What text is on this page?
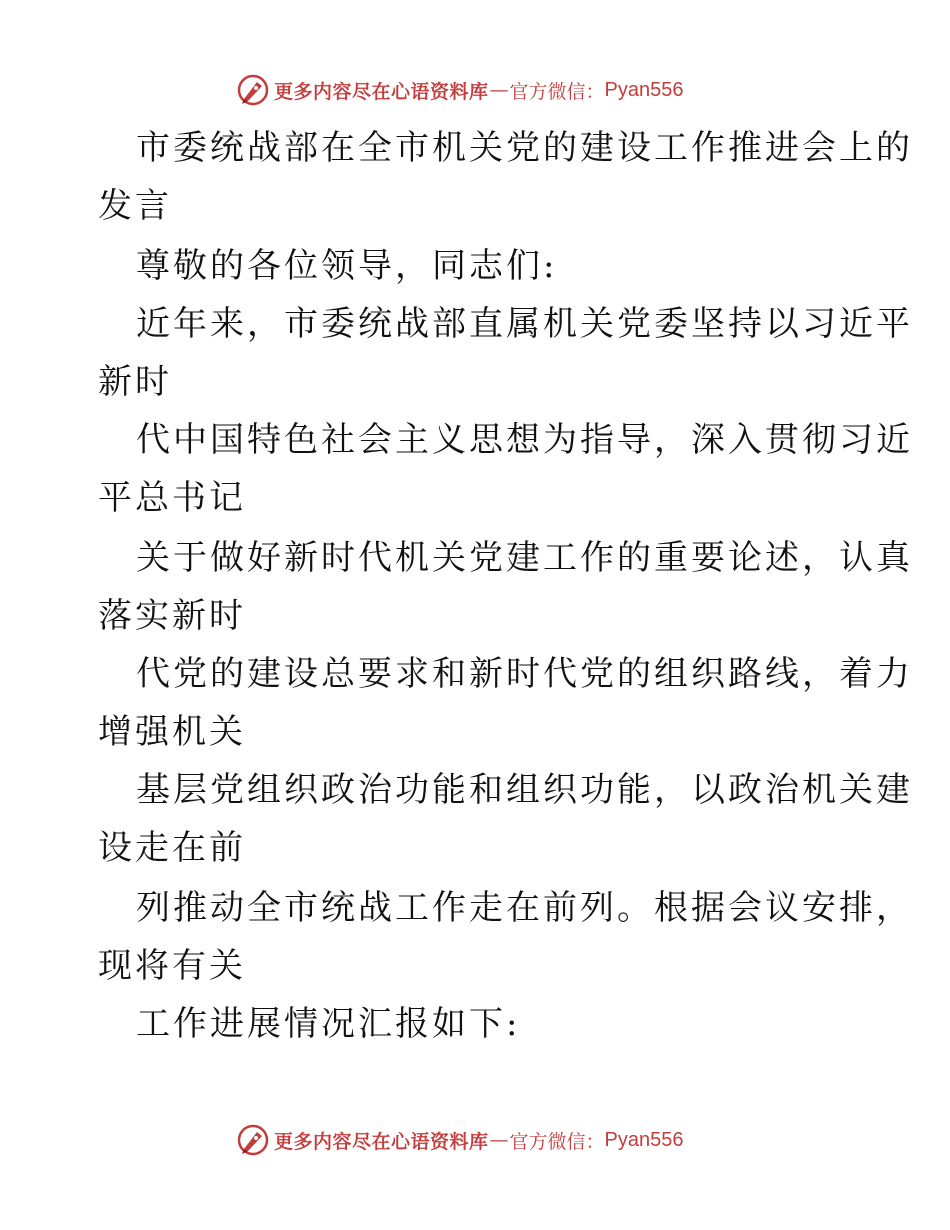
更多内容尽在心语资料库 — 官方微信： Pyan556

市委统战部在全市机关党的建设工作推进会上的

发言

尊敬的各位领导，同志们:

近年来，市委统战部直属机关党委坚持以习近平

新时

代中国特色社会主义思想为指导，深入贯彻习近

平总书记

关于做好新时代机关党建工作的重要论述，认真

落实新时

代党的建设总要求和新时代党的组织路线，着力

增强机关

基层党组织政治功能和组织功能，以政治机关建

设走在前

列推动全市统战工作走在前列。根据会议安排，

现将有关

工作进展情况汇报如下:

更多内容尽在心语资料库 — 官方微信： Pyan556
